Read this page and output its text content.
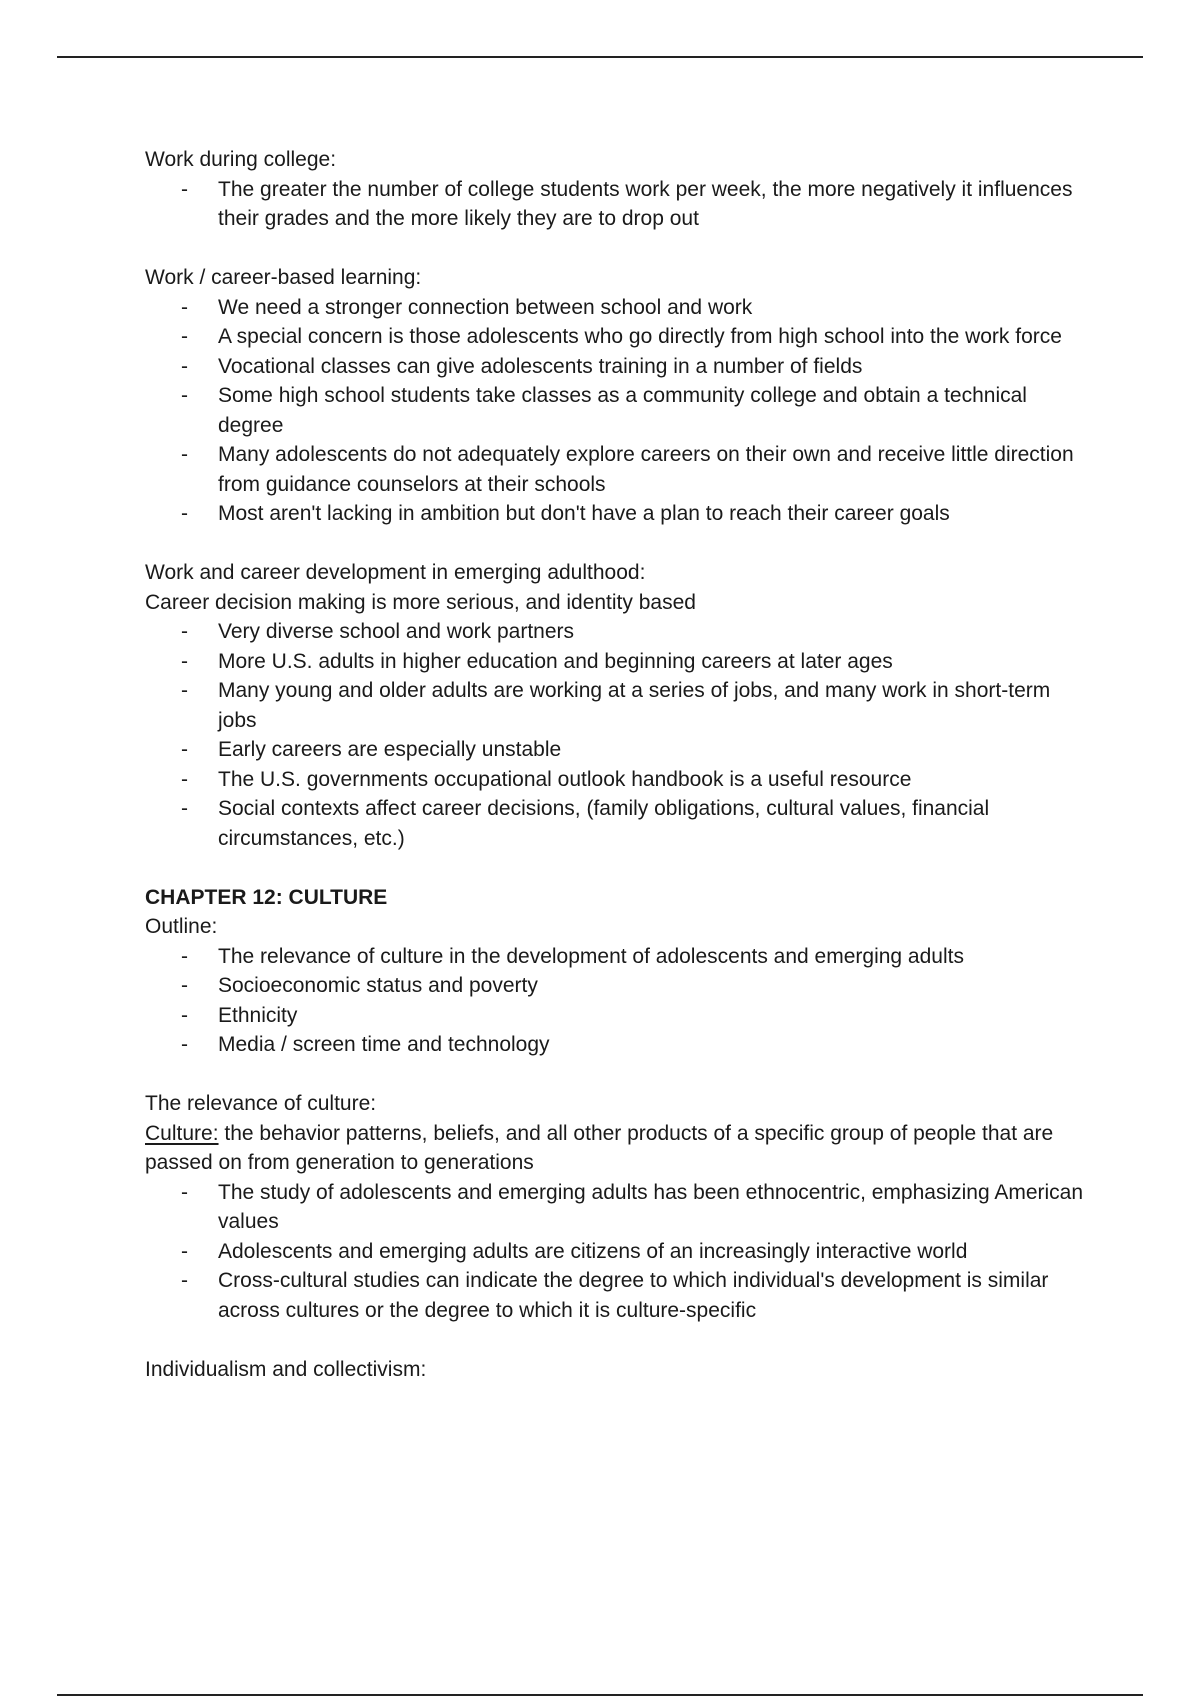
Work during college:

- The greater the number of college students work per week, the more negatively it influences their grades and the more likely they are to drop out

Work / career-based learning:

- We need a stronger connection between school and work
- A special concern is those adolescents who go directly from high school into the work force
- Vocational classes can give adolescents training in a number of fields
- Some high school students take classes as a community college and obtain a technical degree
- Many adolescents do not adequately explore careers on their own and receive little direction from guidance counselors at their schools
- Most aren't lacking in ambition but don't have a plan to reach their career goals

Work and career development in emerging adulthood:

Career decision making is more serious, and identity based

- Very diverse school and work partners
- More U.S. adults in higher education and beginning careers at later ages
- Many young and older adults are working at a series of jobs, and many work in short-term jobs
- Early careers are especially unstable
- The U.S. governments occupational outlook handbook is a useful resource
- Social contexts affect career decisions, (family obligations, cultural values, financial circumstances, etc.)

CHAPTER 12: CULTURE

Outline:

- The relevance of culture in the development of adolescents and emerging adults
- Socioeconomic status and poverty
- Ethnicity
- Media / screen time and technology

The relevance of culture:

Culture: the behavior patterns, beliefs, and all other products of a specific group of people that are passed on from generation to generations

- The study of adolescents and emerging adults has been ethnocentric, emphasizing American values
- Adolescents and emerging adults are citizens of an increasingly interactive world
- Cross-cultural studies can indicate the degree to which individual's development is similar across cultures or the degree to which it is culture-specific

Individualism and collectivism:
